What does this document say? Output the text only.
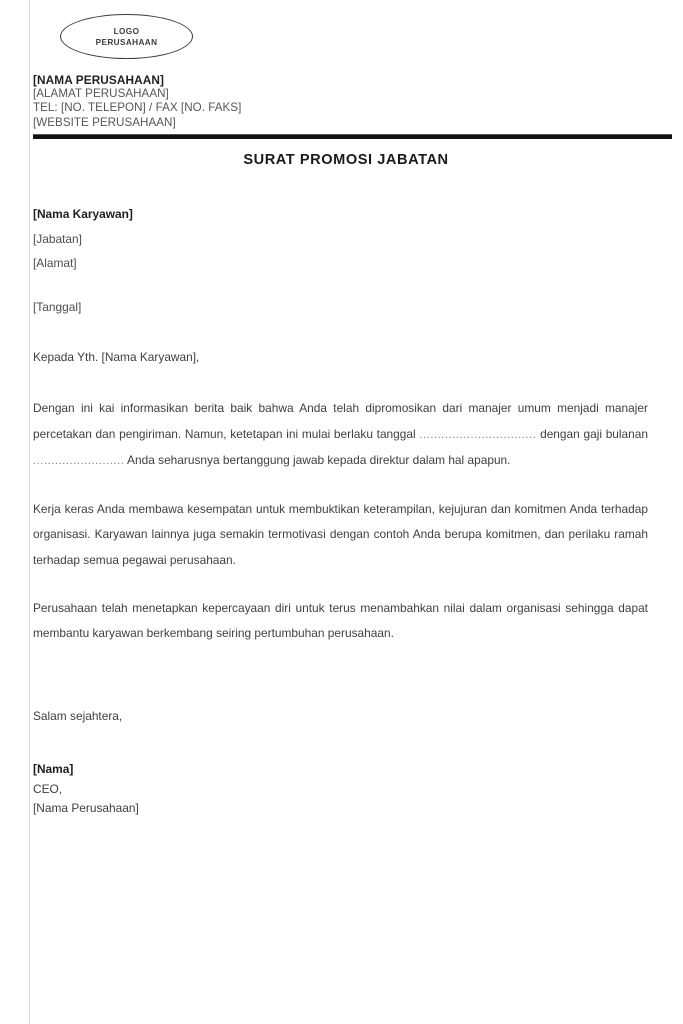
LOGO
PERUSAHAAN
[NAMA PERUSAHAAN]
[ALAMAT PERUSAHAAN]
TEL: [NO. TELEPON] / FAX [NO. FAKS]
[WEBSITE PERUSAHAAN]
SURAT PROMOSI JABATAN
[Nama Karyawan]
[Jabatan]
[Alamat]
[Tanggal]
Kepada Yth. [Nama Karyawan],

Dengan ini kai informasikan berita baik bahwa Anda telah dipromosikan dari manajer umum menjadi manajer percetakan dan pengiriman. Namun, ketetapan ini mulai berlaku tanggal ................................ dengan gaji bulanan ......................... Anda seharusnya bertanggung jawab kepada direktur dalam hal apapun.

Kerja keras Anda membawa kesempatan untuk membuktikan keterampilan, kejujuran dan komitmen Anda terhadap organisasi. Karyawan lainnya juga semakin termotivasi dengan contoh Anda berupa komitmen, dan perilaku ramah terhadap semua pegawai perusahaan.

Perusahaan telah menetapkan kepercayaan diri untuk terus menambahkan nilai dalam organisasi sehingga dapat membantu karyawan berkembang seiring pertumbuhan perusahaan.

Salam sejahtera,
[Nama]
CEO,
[Nama Perusahaan]
